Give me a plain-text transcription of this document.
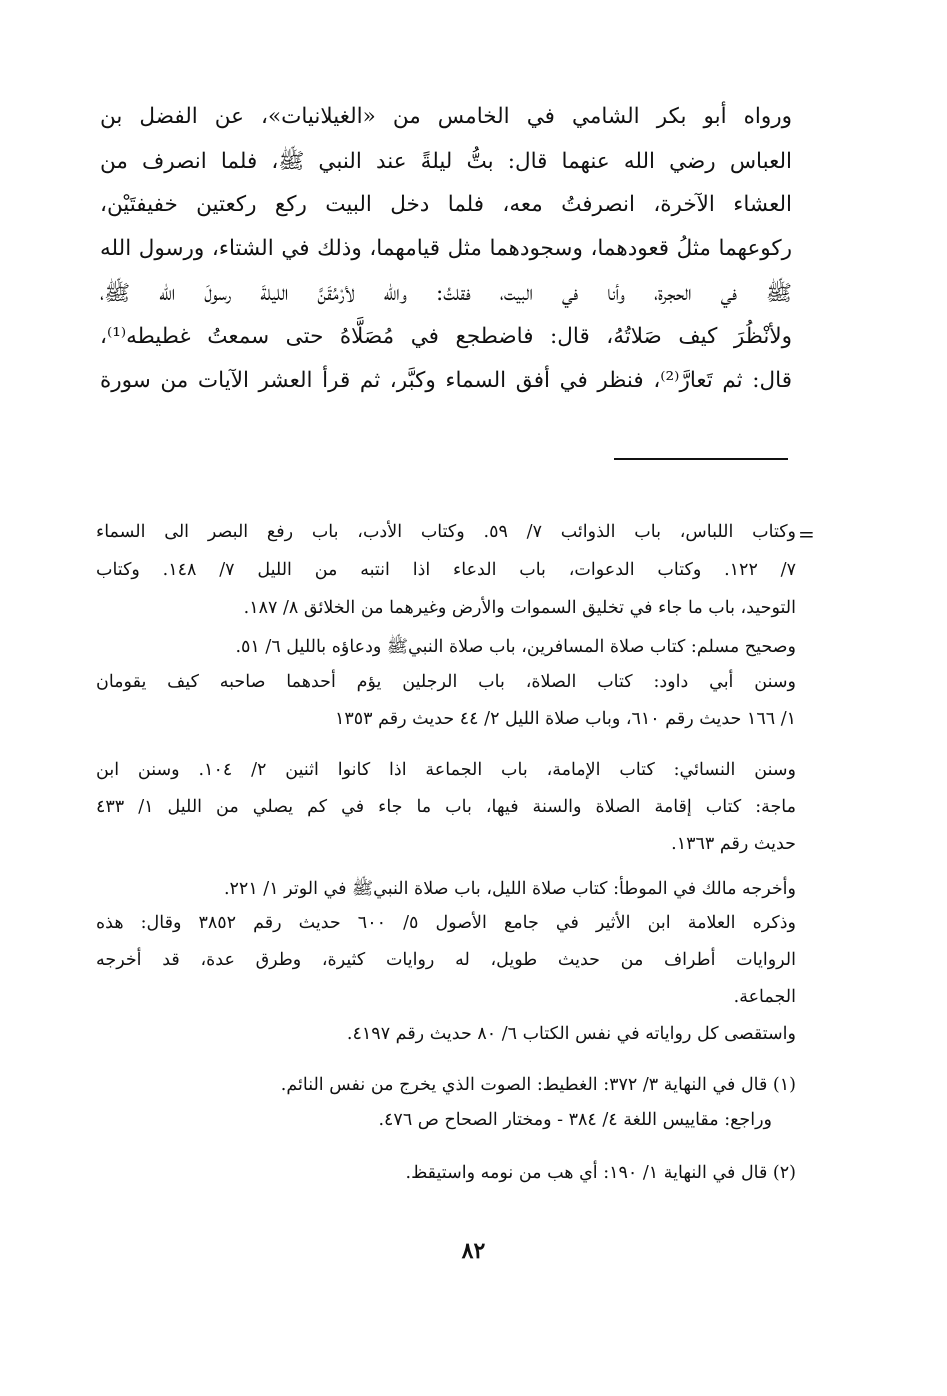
ورواه أبو بكر الشامي في الخامس من «الغيلانيات»، عن الفضل بن
العباس رضي الله عنهما قال: بتُّ ليلةً عند النبي ﷺ، فلما انصرف من
العشاء الآخرة، انصرفتُ معه، فلما دخل البيت ركع ركعتين خفيفتَيْن،
ركوعهما مثلُ قعودهما، وسجودهما مثل قيامهما، وذلك في الشتاء، ورسول الله
ﷺ في الحجرة، وأنا في البيت، فقلتُ: والله لأرْمُقَنَّ الليلةَ رسولَ الله ﷺ،
ولأنْظُرَ كيف صَلاتُهُ، قال: فاضطجع في مُصَلَّاهُ حتى سمعتُ غطيطه⁽¹⁾،
قال: ثم تَعارَّ⁽²⁾، فنظر في أفق السماء وكبَّر، ثم قرأ العشر الآيات من سورة
=
وكتاب اللباس، باب الذوائب ٧/ ٥٩. وكتاب الأدب، باب رفع البصر الى السماء
٧/ ١٢٢. وكتاب الدعوات، باب الدعاء اذا انتبه من الليل ٧/ ١٤٨. وكتاب
التوحيد، باب ما جاء في تخليق السموات والأرض وغيرهما من الخلائق ٨/ ١٨٧.
وصحيح مسلم: كتاب صلاة المسافرين، باب صلاة النبيﷺ ودعاؤه بالليل ٦/ ٥١.
وسنن أبي داود: كتاب الصلاة، باب الرجلين يؤم أحدهما صاحبه كيف يقومان
١/ ١٦٦ حديث رقم ٦١٠، وباب صلاة الليل ٢/ ٤٤ حديث رقم ١٣٥٣
وسنن النسائي: كتاب الإمامة، باب الجماعة اذا كانوا اثنين ٢/ ١٠٤. وسنن ابن
ماجة: كتاب إقامة الصلاة والسنة فيها، باب ما جاء في كم يصلي من الليل ١/ ٤٣٣
حديث رقم ١٣٦٣.
وأخرجه مالك في الموطأ: كتاب صلاة الليل، باب صلاة النبيﷺ في الوتر ١/ ٢٢١.
وذكره العلامة ابن الأثير في جامع الأصول ٥/ ٦٠٠ حديث رقم ٣٨٥٢ وقال: هذه
الروايات أطراف من حديث طويل، له روايات كثيرة، وطرق عدة، قد أخرجه
الجماعة.
واستقصى كل رواياته في نفس الكتاب ٦/ ٨٠ حديث رقم ٤١٩٧.
(١) قال في النهاية ٣/ ٣٧٢: الغطيط: الصوت الذي يخرج من نفس النائم.
وراجع: مقاييس اللغة ٤/ ٣٨٤ - ومختار الصحاح ص ٤٧٦.
(٢) قال في النهاية ١/ ١٩٠: أي هب من نومه واستيقظ.
٨٢
